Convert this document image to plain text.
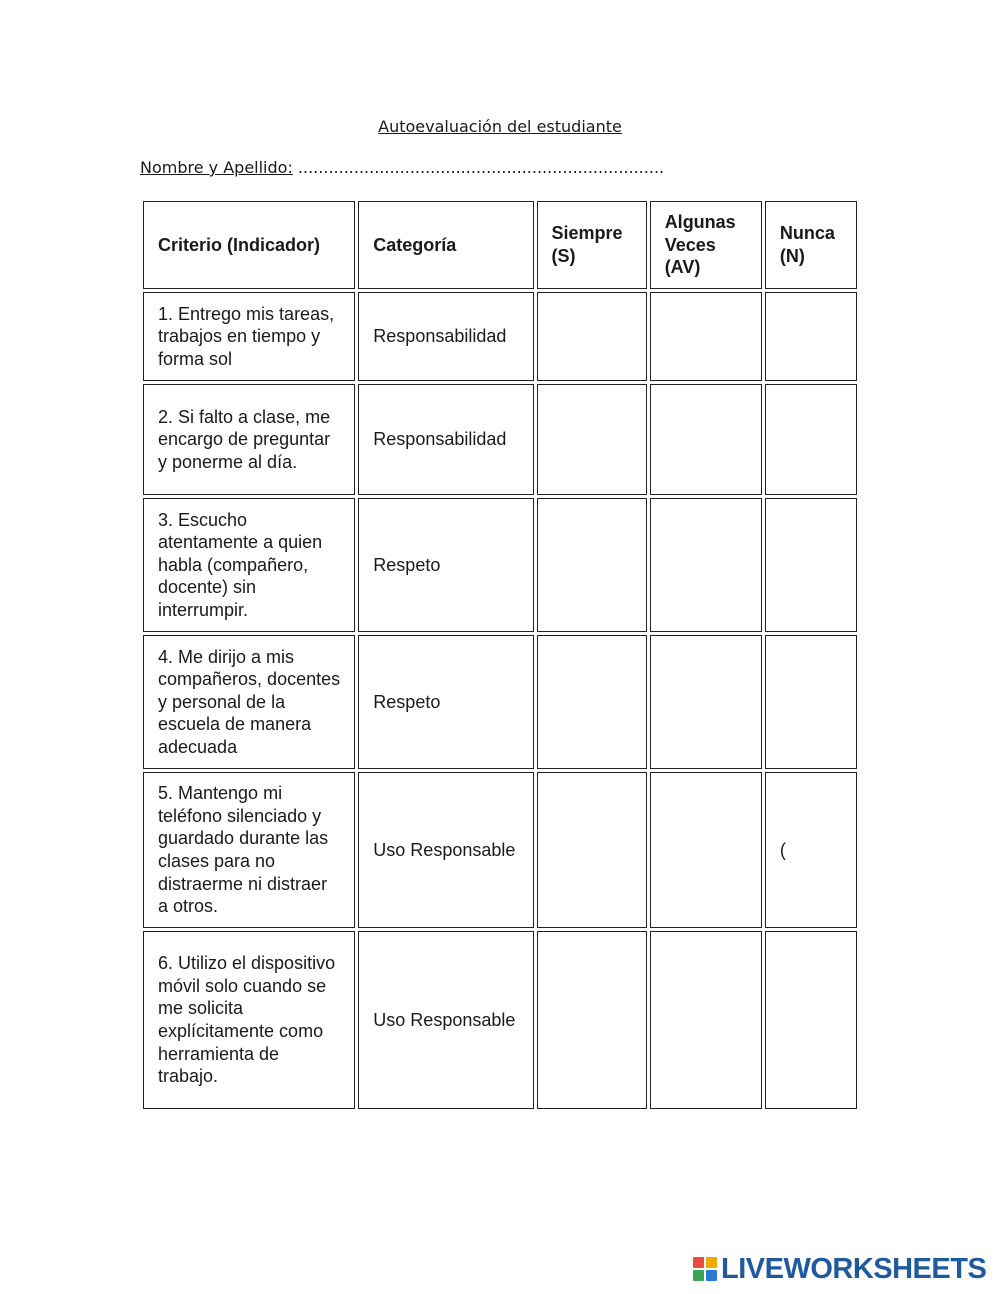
Autoevaluación del estudiante
Nombre y Apellido: ........................................................................
Criterio (Indicador)	Categoría	Siempre (S)	Algunas Veces (AV)	Nunca (N)
1. Entrego mis tareas, trabajos en tiempo y forma sol	Responsabilidad			
2. Si falto a clase, me encargo de preguntar y ponerme al día.	Responsabilidad			
3. Escucho atentamente a quien habla (compañero, docente) sin interrumpir.	Respeto			
4. Me dirijo a mis compañeros, docentes y personal de la escuela de manera adecuada	Respeto			
5. Mantengo mi teléfono silenciado y guardado durante las clases para no distraerme ni distraer a otros.	Uso Responsable			(
6. Utilizo el dispositivo móvil solo cuando se me solicita explícitamente como herramienta de trabajo.	Uso Responsable			
LIVEWORKSHEETS
